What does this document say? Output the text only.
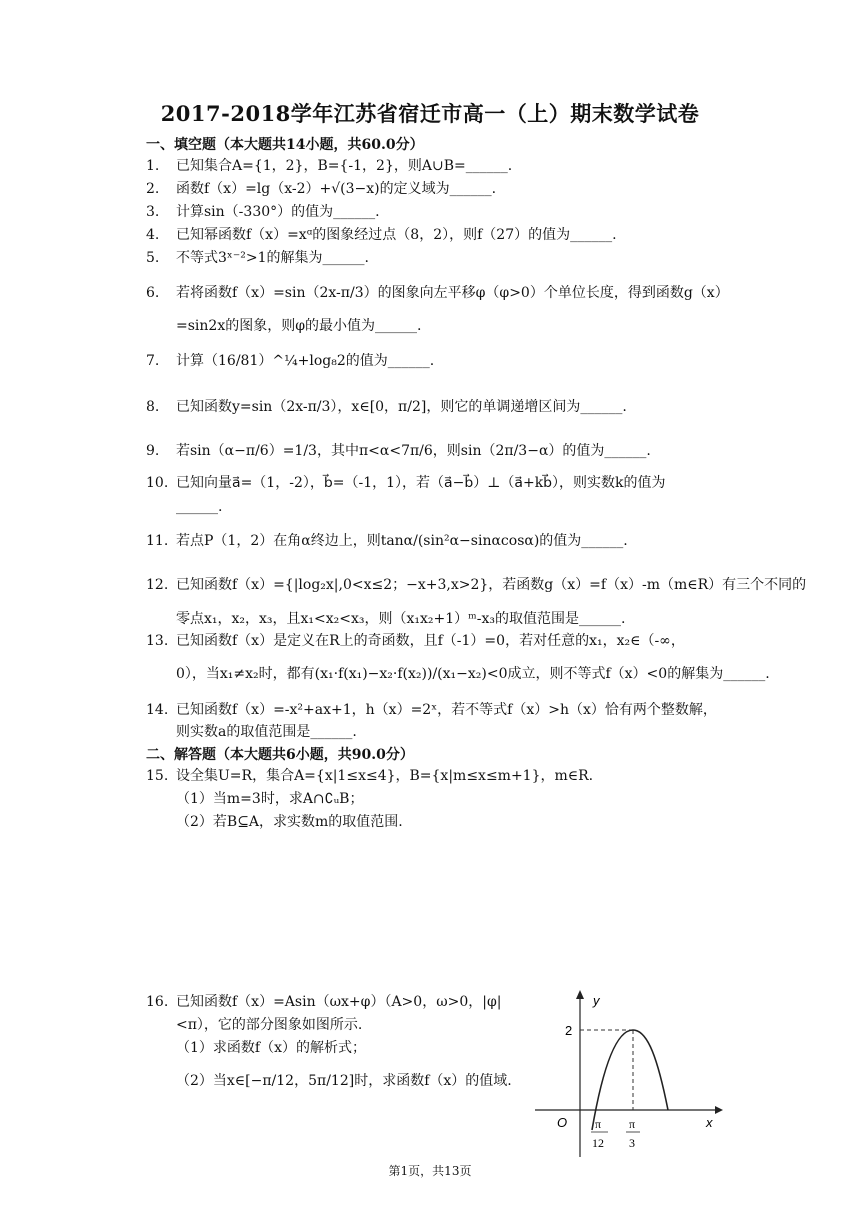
2017-2018学年江苏省宿迁市高一（上）期末数学试卷
一、填空题（本大题共14小题，共60.0分）
1. 已知集合A={1，2}，B={-1，2}，则A∪B=______.
2. 函数f（x）=lg（x-2）+√(3−x)的定义域为______.
3. 计算sin（-330°）的值为______.
4. 已知幂函数f（x）=xᵅ的图象经过点（8，2），则f（27）的值为______.
5. 不等式3ˣ⁻²>1的解集为______.
6. 若将函数f（x）=sin（2x-π/3）的图象向左平移φ（φ>0）个单位长度，得到函数g（x）
=sin2x的图象，则φ的最小值为______.
7. 计算（16/81）^¼+log₈2的值为______.
8. 已知函数y=sin（2x-π/3），x∈[0，π/2]，则它的单调递增区间为______.
9. 若sin（α−π/6）=1/3，其中π<α<7π/6，则sin（2π/3−α）的值为______.
10. 已知向量a⃗=（1，-2），b⃗=（-1，1），若（a⃗−b⃗）⊥（a⃗+kb⃗），则实数k的值为
______.
11. 若点P（1，2）在角α终边上，则tanα/(sin²α−sinαcosα)的值为______.
12. 已知函数f（x）={|log₂x|,0<x≤2；−x+3,x>2}，若函数g（x）=f（x）-m（m∈R）有三个不同的
零点x₁，x₂，x₃，且x₁<x₂<x₃，则（x₁x₂+1）ᵐ-x₃的取值范围是______.
13. 已知函数f（x）是定义在R上的奇函数，且f（-1）=0，若对任意的x₁，x₂∈（-∞，
0），当x₁≠x₂时，都有(x₁·f(x₁)−x₂·f(x₂))/(x₁−x₂)<0成立，则不等式f（x）<0的解集为______.
14. 已知函数f（x）=-x²+ax+1，h（x）=2ˣ，若不等式f（x）>h（x）恰有两个整数解，
则实数a的取值范围是______.
二、解答题（本大题共6小题，共90.0分）
15. 设全集U=R，集合A={x|1≤x≤4}，B={x|m≤x≤m+1}，m∈R.
（1）当m=3时，求A∩∁ᵤB；
（2）若B⊆A，求实数m的取值范围.
16. 已知函数f（x）=Asin（ωx+φ）（A>0，ω>0，|φ|
<π），它的部分图象如图所示.
（1）求函数f（x）的解析式；
（2）当x∈[−π/12，5π/12]时，求函数f（x）的值域.
y
x
O
2
π
12
π
3
第1页，共13页
